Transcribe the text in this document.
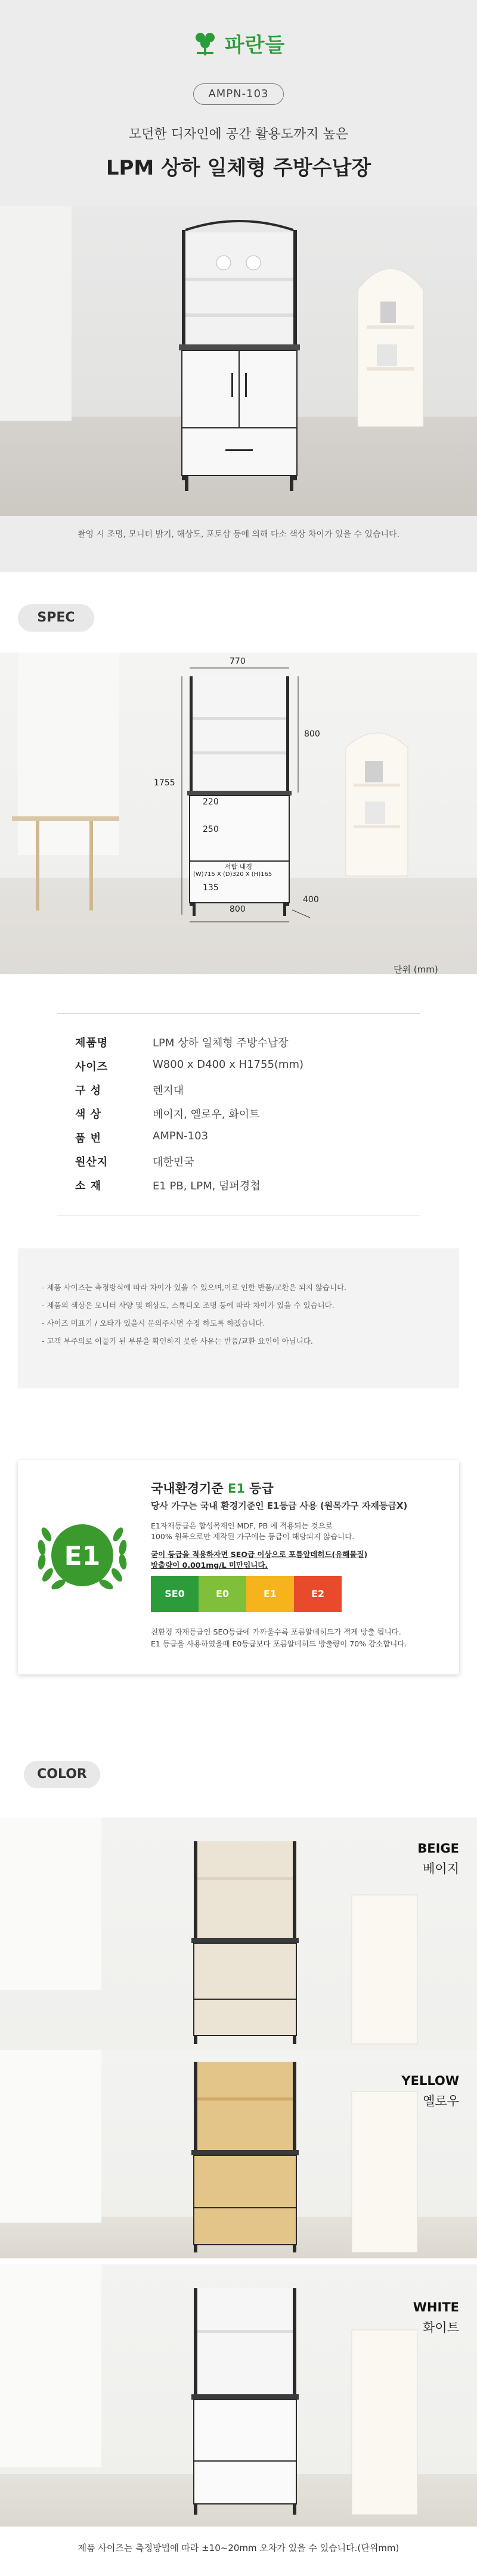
파란들
AMPN-103
모던한 디자인에 공간 활용도까지 높은
LPM 상하 일체형 주방수납장
촬영 시 조명, 모니터 밝기, 해상도, 포토샵 등에 의해 다소 색상 차이가 있을 수 있습니다.
SPEC
770
1755
800
220
250
135
800
400
서랍 내경
(W)715 X (D)320 X (H)165
단위 (mm)
제품명	LPM 상하 일체형 주방수납장
사이즈	W800 x D400 x H1755(mm)
구 성	렌지대
색 상	베이지, 옐로우, 화이트
품 번	AMPN-103
원산지	대한민국
소 재	E1 PB, LPM, 덤퍼경첩
- 제품 사이즈는 측정방식에 따라 차이가 있을 수 있으며,이로 인한 반품/교환은 되지 않습니다.
- 제품의 색상은 모니터 사양 및 해상도, 스튜디오 조명 등에 따라 차이가 있을 수 있습니다.
- 사이즈 미표기 / 오타가 있을시 문의주시면 수정 하도록 하겠습니다.
- 고객 부주의로 이물기 된 부분을 확인하지 못한 사유는 반품/교환 요인이 아닙니다.
E1
국내환경기준 E1 등급
당사 가구는 국내 환경기준인 E1등급 사용 (원목가구 자재등급X)
E1자재등급은 합성목재인 MDF, PB 에 적용되는 것으로
100% 원목으로만 제작된 가구에는 등급이 해당되지 않습니다.
굳이 등급을 적용하자면 SEO급 이상으로 포름알데히드(유해물질)
방출량이 0.001mg/L 미만입니다.
SE0	E0	E1	E2
친환경 자재등급인 SEO등급에 가까울수록 포름알데히드가 적게 방출 됩니다.
E1 등급을 사용하였을때 E0등급보다 포름알데히드 방출량이 70% 감소합니다.
COLOR
BEIGE
베이지
YELLOW
옐로우
WHITE
화이트
제품 사이즈는 측정방법에 따라 ±10~20mm 오차가 있을 수 있습니다.(단위mm)
